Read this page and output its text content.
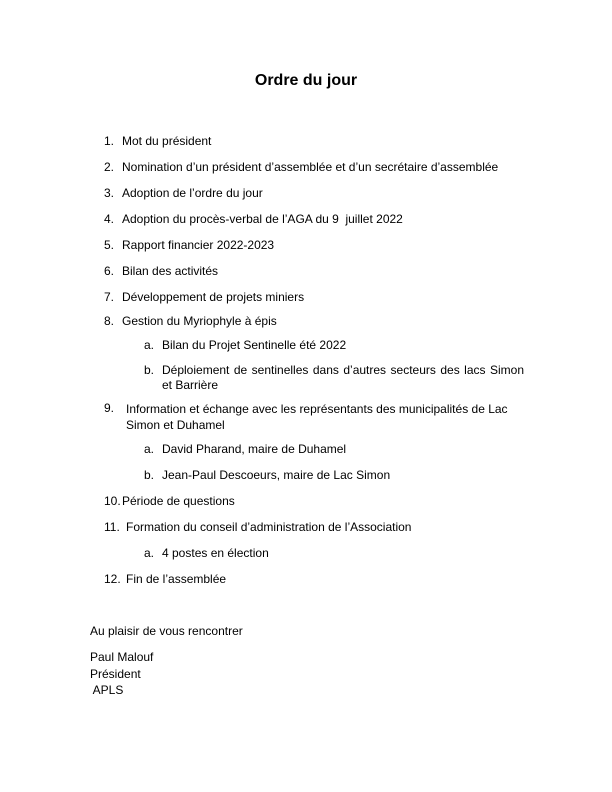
Ordre du jour
1. Mot du président
2. Nomination d’un président d’assemblée et d’un secrétaire d’assemblée
3. Adoption de l’ordre du jour
4. Adoption du procès-verbal de l’AGA du 9  juillet 2022
5. Rapport financier 2022-2023
6. Bilan des activités
7. Développement de projets miniers
8. Gestion du Myriophyle à épis
a. Bilan du Projet Sentinelle été 2022
b. Déploiement de sentinelles dans d’autres secteurs des lacs Simon et Barrière
9. Information et échange avec les représentants des municipalités de Lac Simon et Duhamel
a. David Pharand, maire de Duhamel
b. Jean-Paul Descoeurs, maire de Lac Simon
10. Période de questions
11. Formation du conseil d’administration de l’Association
a. 4 postes en élection
12. Fin de l’assemblée
Au plaisir de vous rencontrer
Paul Malouf
Président
APLS
